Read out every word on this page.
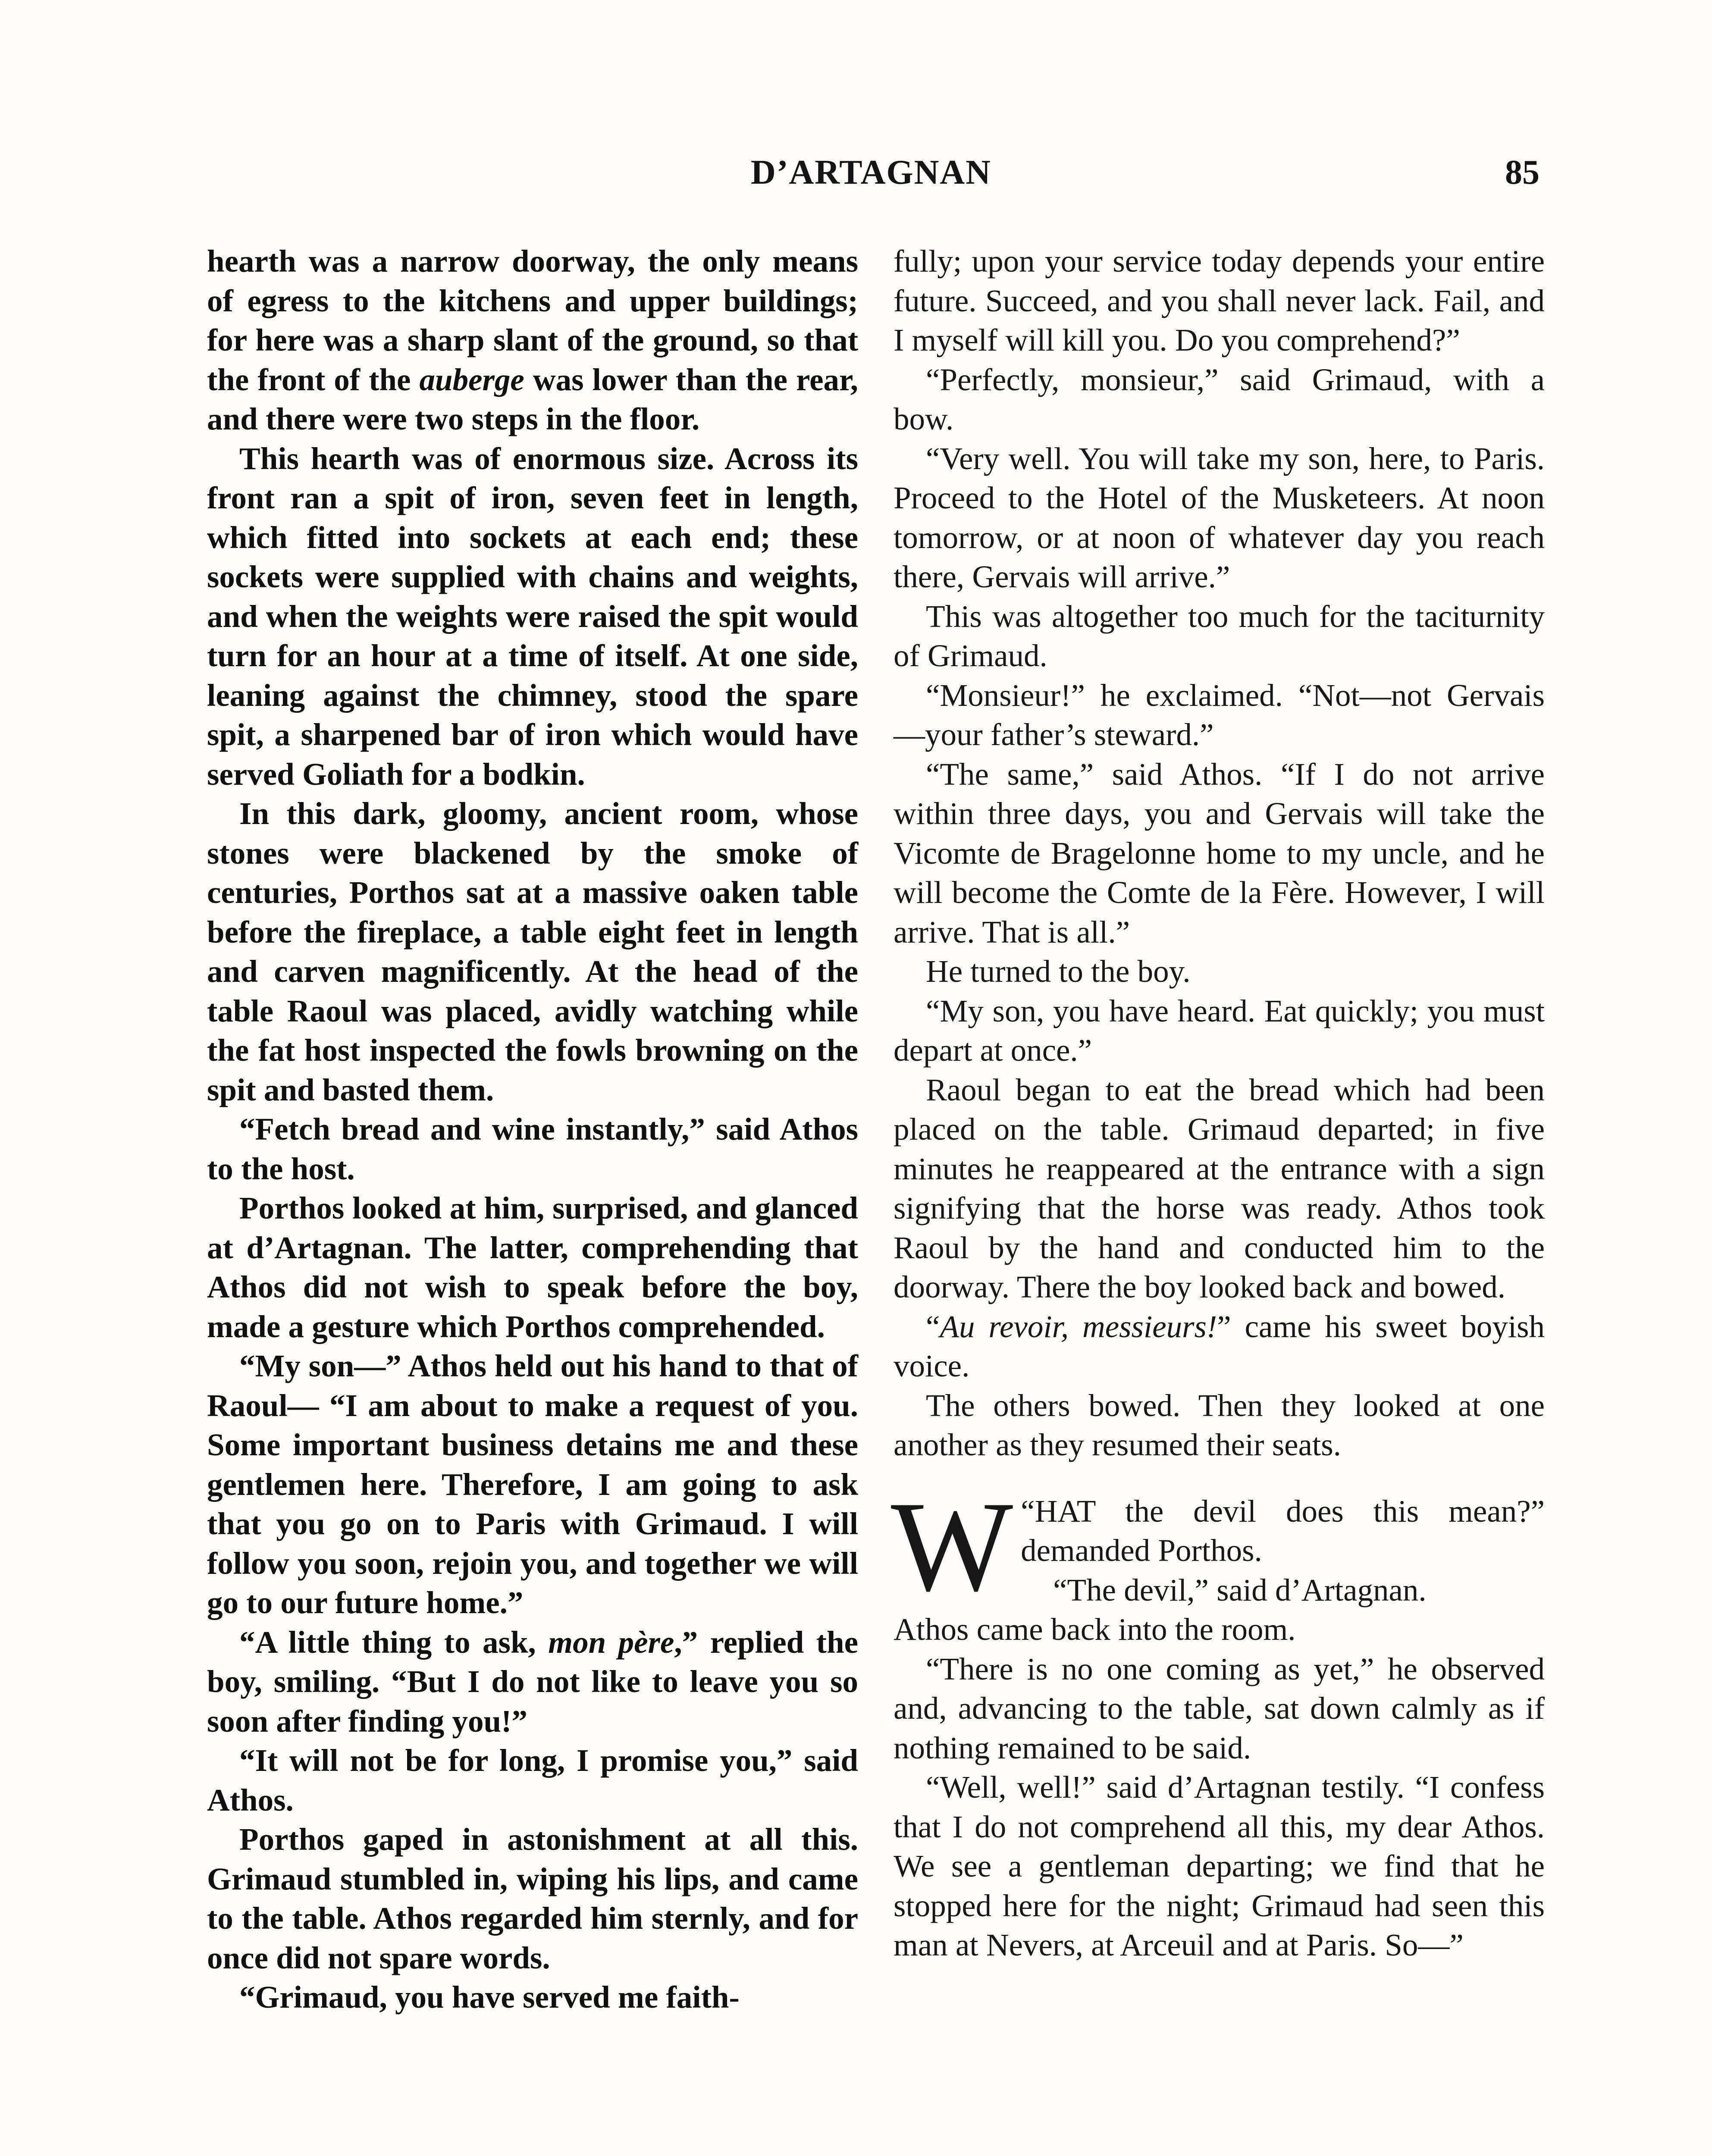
D’ARTAGNAN	85

hearth was a narrow doorway, the only means of egress to the kitchens and upper buildings; for here was a sharp slant of the ground, so that the front of the auberge was lower than the rear, and there were two steps in the floor.

This hearth was of enormous size. Across its front ran a spit of iron, seven feet in length, which fitted into sockets at each end; these sockets were supplied with chains and weights, and when the weights were raised the spit would turn for an hour at a time of itself. At one side, leaning against the chimney, stood the spare spit, a sharpened bar of iron which would have served Goliath for a bodkin.

In this dark, gloomy, ancient room, whose stones were blackened by the smoke of centuries, Porthos sat at a massive oaken table before the fireplace, a table eight feet in length and carven magnificently. At the head of the table Raoul was placed, avidly watching while the fat host inspected the fowls browning on the spit and basted them.

“Fetch bread and wine instantly,” said Athos to the host.

Porthos looked at him, surprised, and glanced at d’Artagnan. The latter, comprehending that Athos did not wish to speak before the boy, made a gesture which Porthos comprehended.

“My son—” Athos held out his hand to that of Raoul— “I am about to make a request of you. Some important business detains me and these gentlemen here. Therefore, I am going to ask that you go on to Paris with Grimaud. I will follow you soon, rejoin you, and together we will go to our future home.”

“A little thing to ask, mon père,” replied the boy, smiling. “But I do not like to leave you so soon after finding you!”

“It will not be for long, I promise you,” said Athos.

Porthos gaped in astonishment at all this. Grimaud stumbled in, wiping his lips, and came to the table. Athos regarded him sternly, and for once did not spare words.

“Grimaud, you have served me faith-

fully; upon your service today depends your entire future. Succeed, and you shall never lack. Fail, and I myself will kill you. Do you comprehend?”

“Perfectly, monsieur,” said Grimaud, with a bow.

“Very well. You will take my son, here, to Paris. Proceed to the Hotel of the Musketeers. At noon tomorrow, or at noon of whatever day you reach there, Gervais will arrive.”

This was altogether too much for the taciturnity of Grimaud.

“Monsieur!” he exclaimed. “Not—not Gervais—your father’s steward.”

“The same,” said Athos. “If I do not arrive within three days, you and Gervais will take the Vicomte de Bragelonne home to my uncle, and he will become the Comte de la Fère. However, I will arrive. That is all.”

He turned to the boy.

“My son, you have heard. Eat quickly; you must depart at once.”

Raoul began to eat the bread which had been placed on the table. Grimaud departed; in five minutes he reappeared at the entrance with a sign signifying that the horse was ready. Athos took Raoul by the hand and conducted him to the doorway. There the boy looked back and bowed.

“Au revoir, messieurs!” came his sweet boyish voice.

The others bowed. Then they looked at one another as they resumed their seats.

“
W HAT the devil does this mean?” demanded Porthos.

“The devil,” said d’Artagnan.

Athos came back into the room.

“There is no one coming as yet,” he observed and, advancing to the table, sat down calmly as if nothing remained to be said.

“Well, well!” said d’Artagnan testily. “I confess that I do not comprehend all this, my dear Athos. We see a gentleman departing; we find that he stopped here for the night; Grimaud had seen this man at Nevers, at Arceuil and at Paris. So—”
